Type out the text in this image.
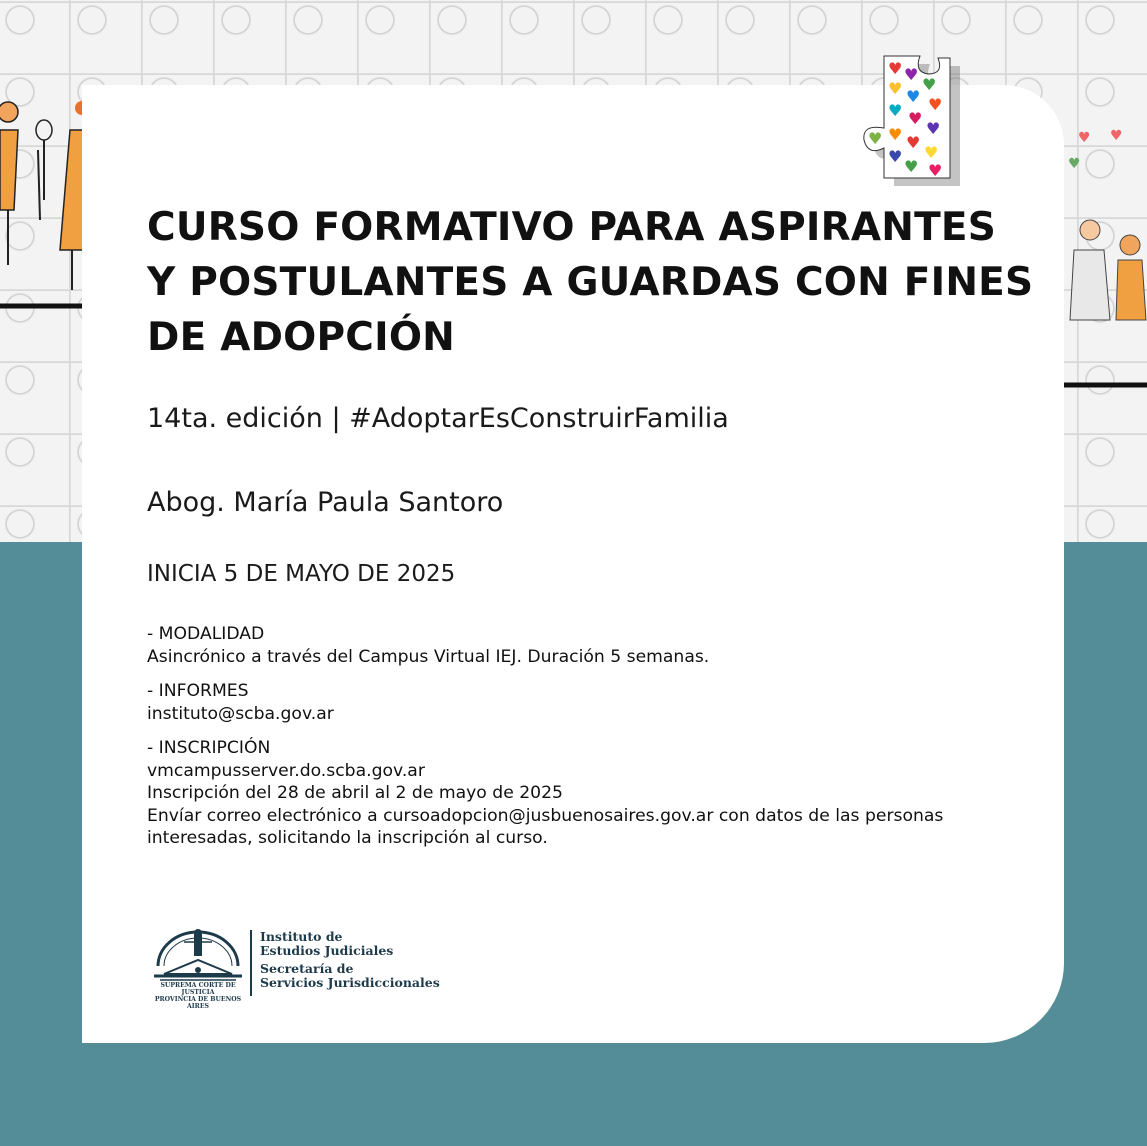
♥ ♥
♥
♥ ♥
♥
♥ ♥ ♥
♥ ♥
♥ ♥ ♥
♥
♥ ♥
♥ ♥
CURSO FORMATIVO PARA ASPIRANTES
Y POSTULANTES A GUARDAS CON FINES
DE ADOPCIÓN

14ta. edición | #AdoptarEsConstruirFamilia

Abog. María Paula Santoro

INICIA 5 DE MAYO DE 2025

- MODALIDAD

Asincrónico a través del Campus Virtual IEJ. Duración 5 semanas.

- INFORMES

instituto@scba.gov.ar

- INSCRIPCIÓN

vmcampusserver.do.scba.gov.ar

Inscripción del 28 de abril al 2 de mayo de 2025

Envíar correo electrónico a cursoadopcion@jusbuenosaires.gov.ar con datos de las personas

interesadas, solicitando la inscripción al curso.

SUPREMA CORTE DE JUSTICIA
PROVINCIA DE BUENOS AIRES
Instituto de
Estudios Judiciales
Secretaría de
Servicios Jurisdiccionales
